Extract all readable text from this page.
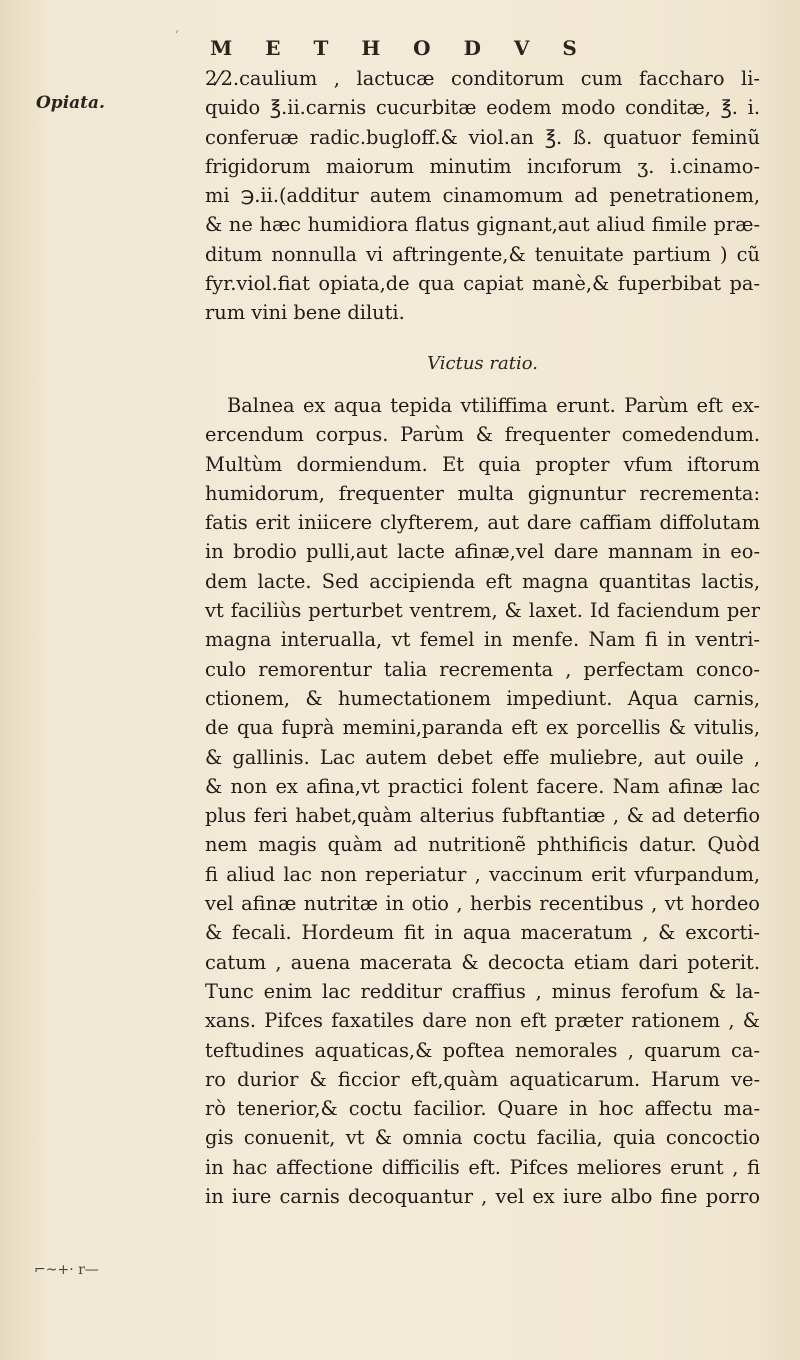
ʼ
M E T H O D V S
Opiata.
2⁄2.caulium , lactucæ conditorum cum faccharo li-
quido ℥.ii.carnis cucurbitæ eodem modo conditæ, ℥. i.
conferuæ radic.bugloff.& viol.an ℥. ß. quatuor feminũ
frigidorum maiorum minutim incıforum ʒ. i.cinamo-
mi ℈.ii.(additur autem cinamomum ad penetrationem,
& ne hæc humidiora flatus gignant,aut aliud fimile præ-
ditum nonnulla vi aftringente,& tenuitate partium ) cũ
fyr.viol.fiat opiata,de qua capiat manè,& fuperbibat pa-
rum vini bene diluti.
Victus ratio.
Balnea ex aqua tepida vtiliffima erunt. Parùm eft ex-
ercendum corpus. Parùm & frequenter comedendum.
Multùm dormiendum. Et quia propter vfum iftorum
humidorum, frequenter multa gignuntur recrementa:
fatis erit iniicere clyfterem, aut dare caffiam diffolutam
in brodio pulli,aut lacte afinæ,vel dare mannam in eo-
dem lacte. Sed accipienda eft magna quantitas lactis,
vt faciliùs perturbet ventrem, & laxet. Id faciendum per
magna interualla, vt femel in menfe. Nam fi in ventri-
culo remorentur talia recrementa , perfectam conco-
ctionem, & humectationem impediunt. Aqua carnis,
de qua fuprà memini,paranda eft ex porcellis & vitulis,
& gallinis. Lac autem debet effe muliebre, aut ouile ,
& non ex afina,vt practici folent facere. Nam afinæ lac
plus feri habet,quàm alterius fubftantiæ , & ad deterfio
nem magis quàm ad nutritionẽ phthificis datur. Quòd
fi aliud lac non reperiatur , vaccinum erit vfurpandum,
vel afinæ nutritæ in otio , herbis recentibus , vt hordeo
& fecali. Hordeum fit in aqua maceratum , & excorti-
catum , auena macerata & decocta etiam dari poterit.
Tunc enim lac redditur craffius , minus ferofum & la-
xans. Pifces faxatiles dare non eft præter rationem , &
teftudines aquaticas,& poftea nemorales , quarum ca-
ro durior & ficcior eft,quàm aquaticarum. Harum ve-
rò tenerior,& coctu facilior. Quare in hoc affectu ma-
gis conuenit, vt & omnia coctu facilia, quia concoctio
in hac affectione difficilis eft. Pifces meliores erunt , fi
in iure carnis decoquantur , vel ex iure albo fine porro
⌐~+· r—
